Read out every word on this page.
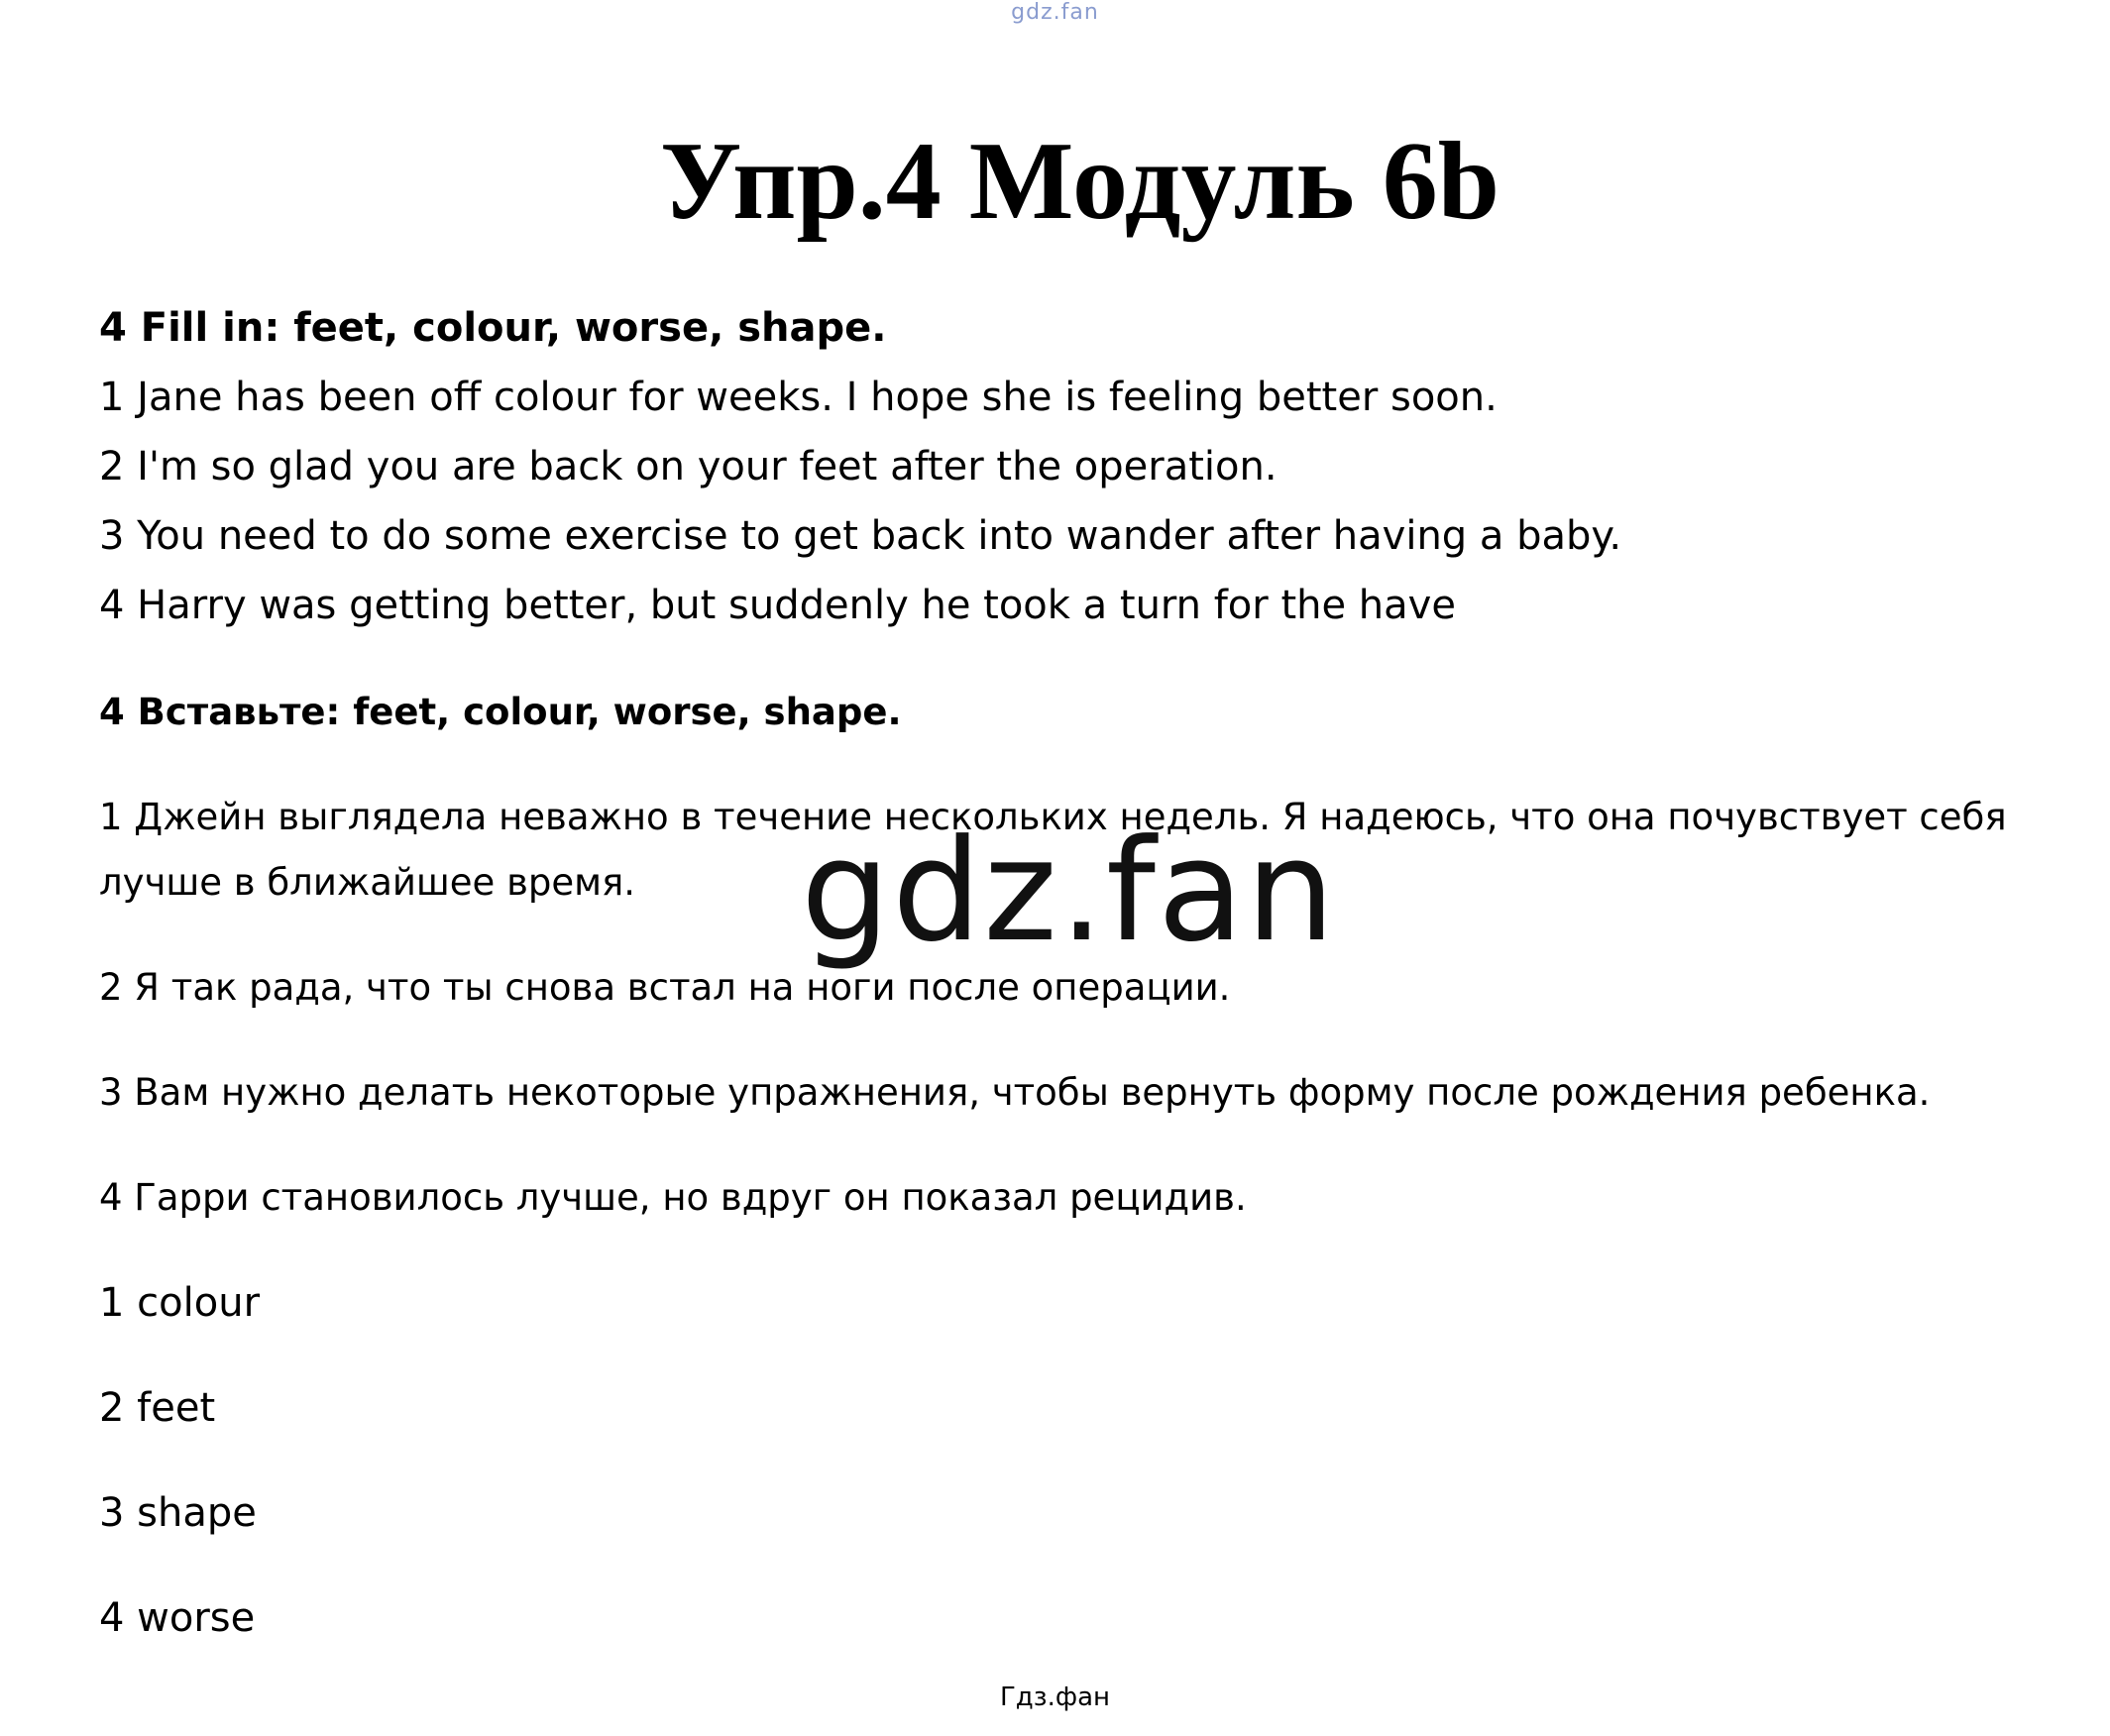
gdz.fan
Упр.4 Модуль 6b

4 Fill in: feet, colour, worse, shape.

1 Jane has been off colour for weeks. I hope she is feeling better soon.

2 I'm so glad you are back on your feet after the operation.

3 You need to do some exercise to get back into wander after having a baby.

4 Harry was getting better, but suddenly he took a turn for the have

4 Вставьте: feet, colour, worse, shape.

1 Джейн выглядела неважно в течение нескольких недель. Я надеюсь, что она почувствует себя

лучше в ближайшее время.

2 Я так рада, что ты снова встал на ноги после операции.

3 Вам нужно делать некоторые упражнения, чтобы вернуть форму после рождения ребенка.

4 Гарри становилось лучше, но вдруг он показал рецидив.

1 colour

2 feet

3 shape

4 worse

gdz.fan
Гдз.фан
